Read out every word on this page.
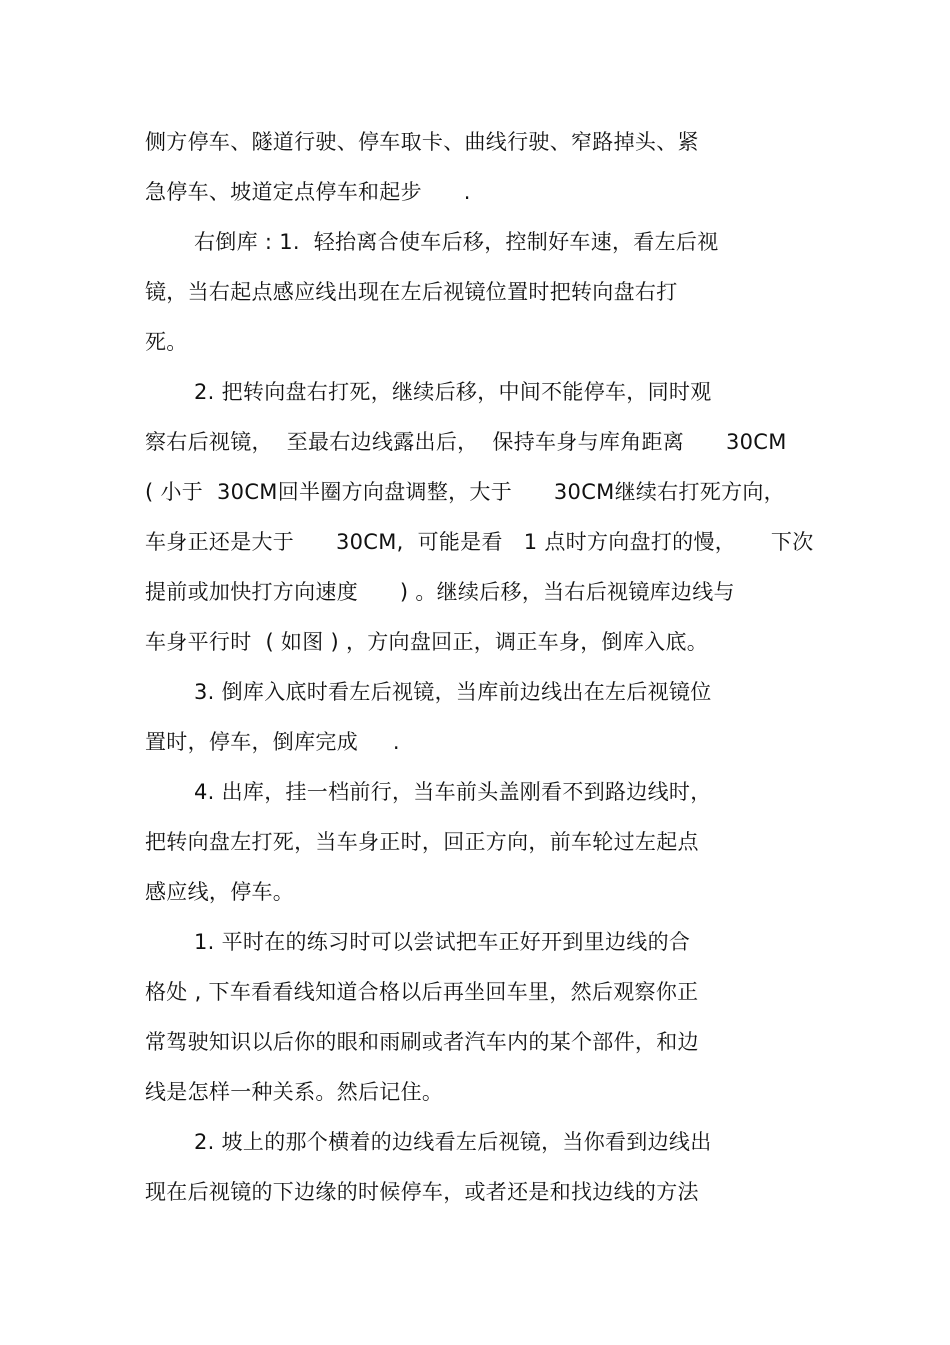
侧方停车、隧道行驶、停车取卡、曲线行驶、窄路掉头、紧

急停车、坡道定点停车和起步      .

右倒库 : 1.  轻抬离合使车后移，控制好车速，看左后视

镜，当右起点感应线出现在左后视镜位置时把转向盘右打

死。

2. 把转向盘右打死，继续后移，中间不能停车，同时观

察右后视镜，  至最右边线露出后，  保持车身与库角距离      30CM

( 小于  30CM回半圈方向盘调整，大于      30CM继续右打死方向，

车身正还是大于      30CM,  可能是看   1 点时方向盘打的慢，     下次

提前或加快打方向速度      ) 。继续后移，当右后视镜库边线与

车身平行时  ( 如图 ) ，方向盘回正，调正车身，倒库入底。

3. 倒库入底时看左后视镜，当库前边线出在左后视镜位

置时，停车，倒库完成     .

4. 出库，挂一档前行，当车前头盖刚看不到路边线时，

把转向盘左打死，当车身正时，回正方向，前车轮过左起点

感应线，停车。

1. 平时在的练习时可以尝试把车正好开到里边线的合

格处 , 下车看看线知道合格以后再坐回车里，然后观察你正

常驾驶知识以后你的眼和雨刷或者汽车内的某个部件，和边

线是怎样一种关系。然后记住。

2. 坡上的那个横着的边线看左后视镜，当你看到边线出

现在后视镜的下边缘的时候停车，或者还是和找边线的方法
